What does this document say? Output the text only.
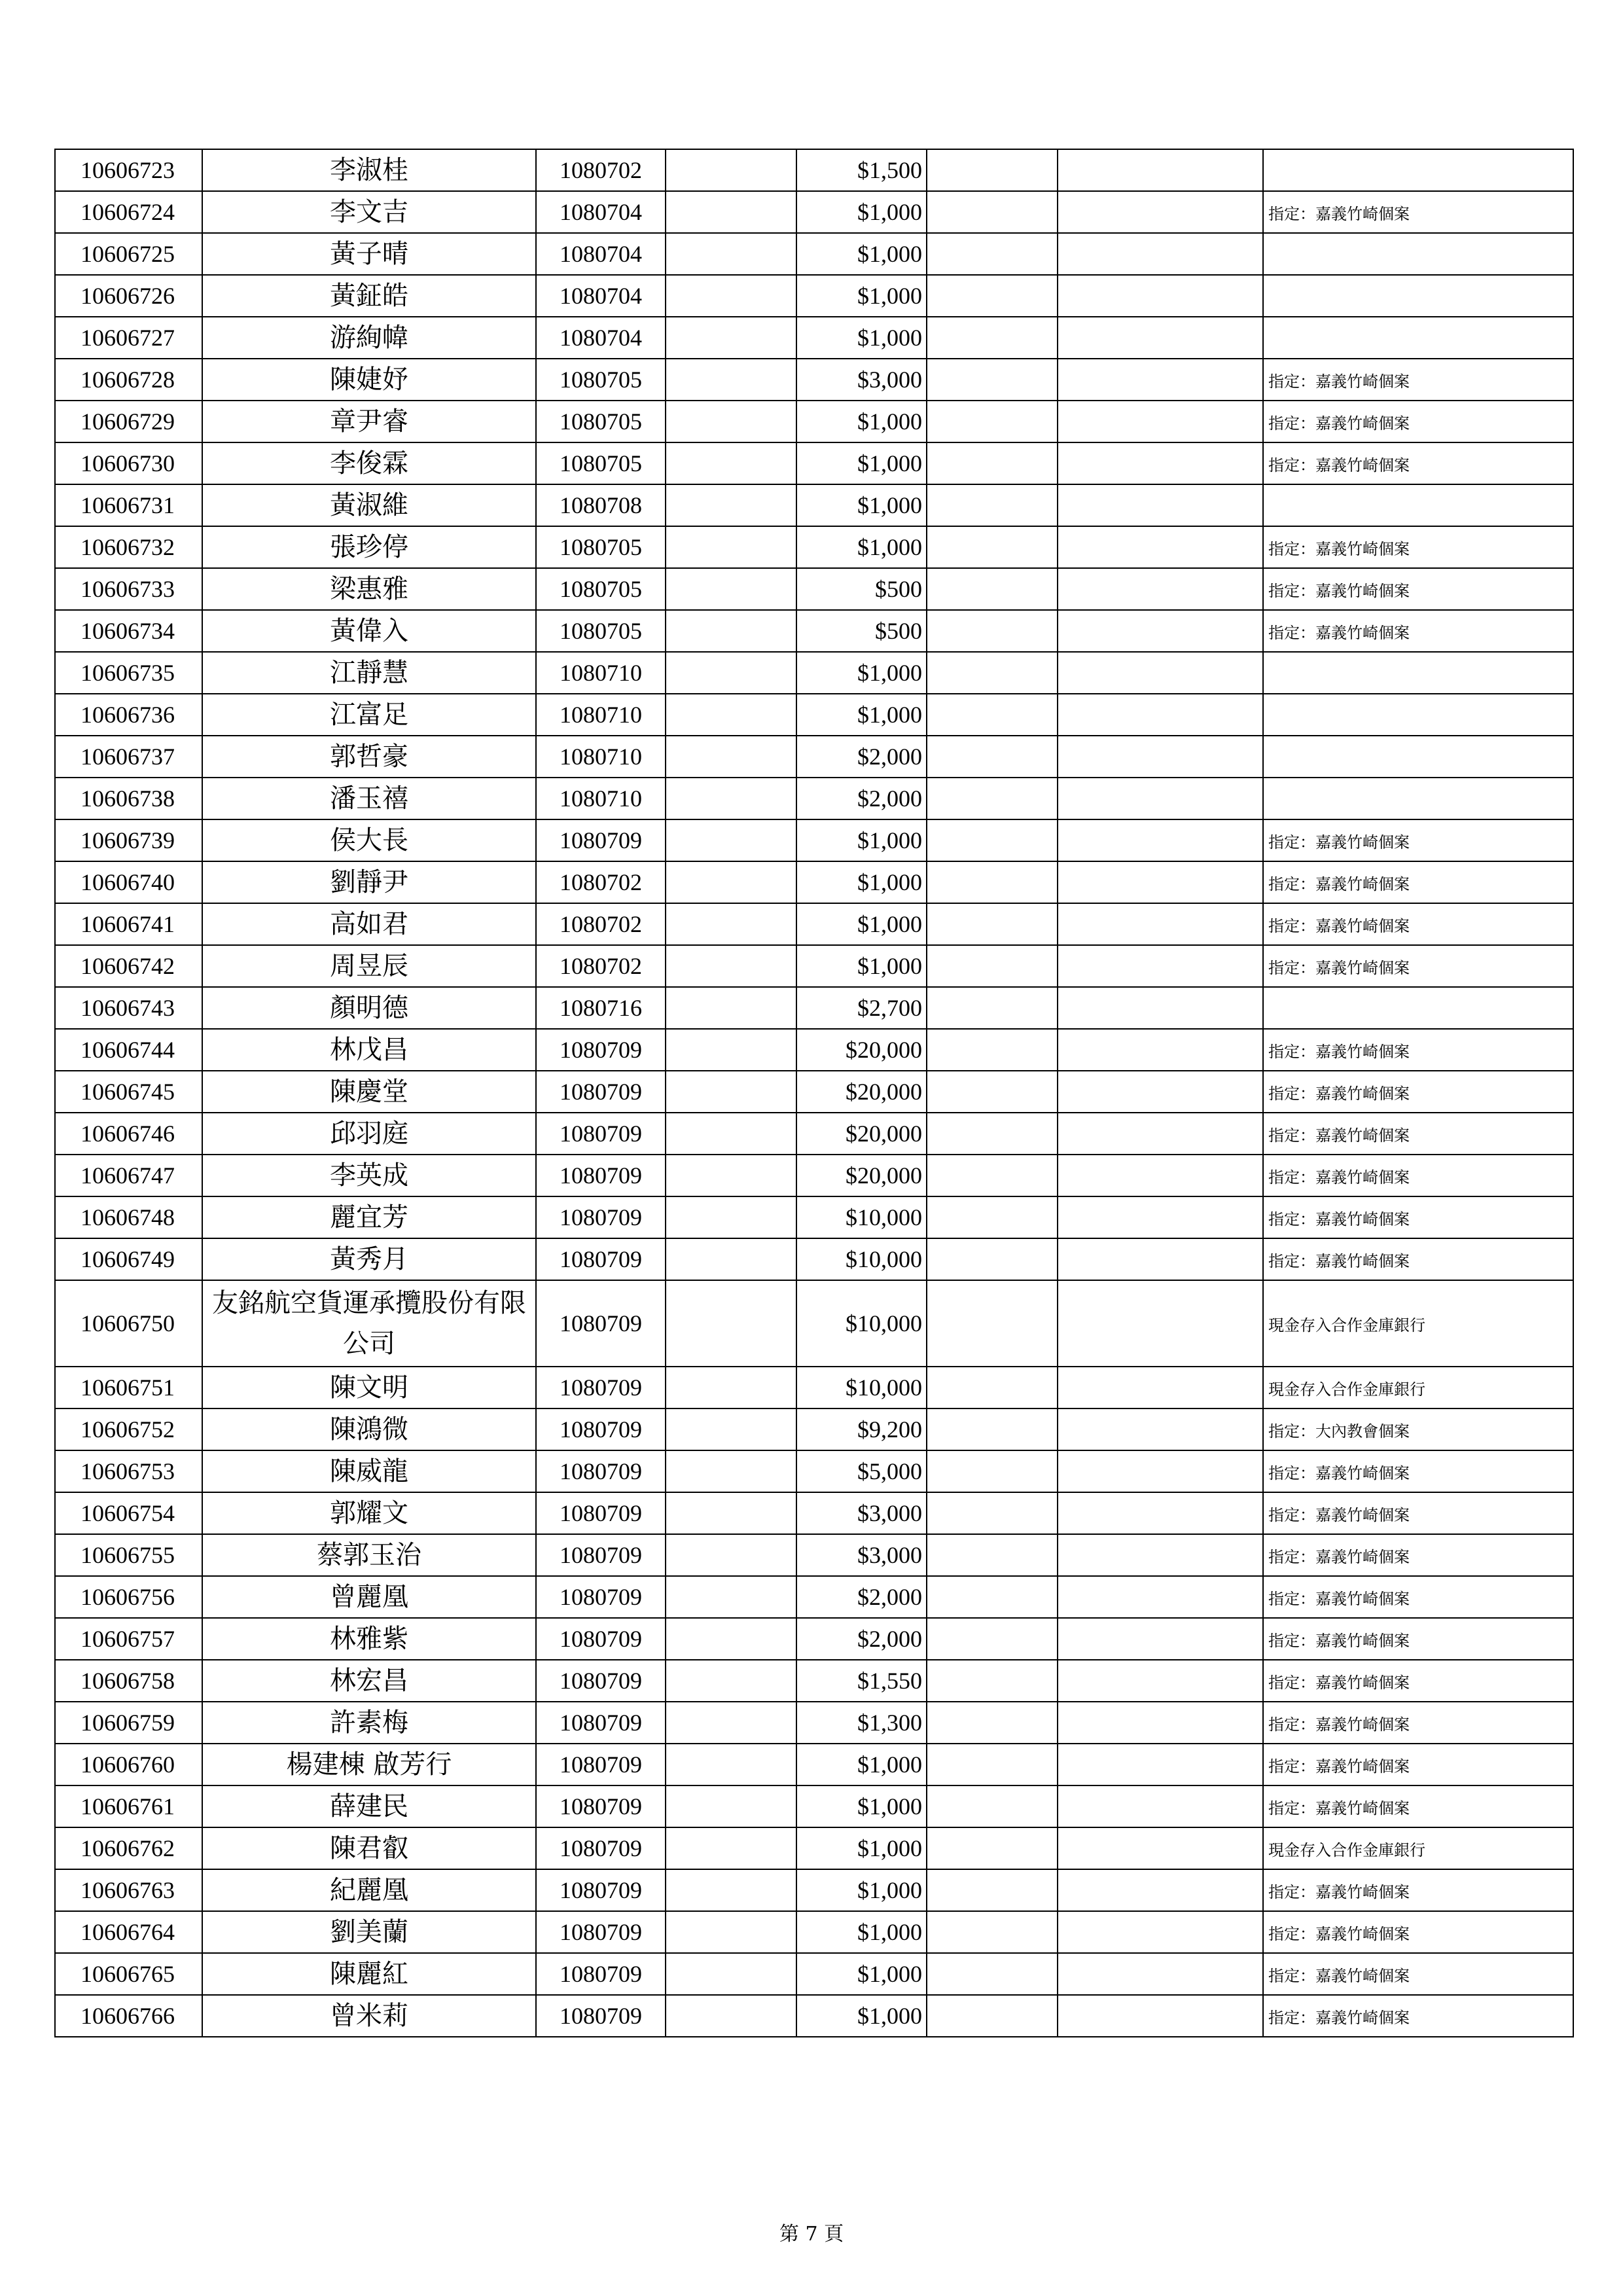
10606723	李淑桂	1080702		$1,500			
10606724	李文吉	1080704		$1,000			指定：嘉義竹崎個案
10606725	黃子晴	1080704		$1,000			
10606726	黃鉦皓	1080704		$1,000			
10606727	游絢幃	1080704		$1,000			
10606728	陳婕妤	1080705		$3,000			指定：嘉義竹崎個案
10606729	章尹睿	1080705		$1,000			指定：嘉義竹崎個案
10606730	李俊霖	1080705		$1,000			指定：嘉義竹崎個案
10606731	黃淑維	1080708		$1,000			
10606732	張珍停	1080705		$1,000			指定：嘉義竹崎個案
10606733	梁惠雅	1080705		$500			指定：嘉義竹崎個案
10606734	黃偉入	1080705		$500			指定：嘉義竹崎個案
10606735	江靜慧	1080710		$1,000			
10606736	江富足	1080710		$1,000			
10606737	郭哲豪	1080710		$2,000			
10606738	潘玉禧	1080710		$2,000			
10606739	侯大長	1080709		$1,000			指定：嘉義竹崎個案
10606740	劉靜尹	1080702		$1,000			指定：嘉義竹崎個案
10606741	高如君	1080702		$1,000			指定：嘉義竹崎個案
10606742	周昱辰	1080702		$1,000			指定：嘉義竹崎個案
10606743	顏明德	1080716		$2,700			
10606744	林戊昌	1080709		$20,000			指定：嘉義竹崎個案
10606745	陳慶堂	1080709		$20,000			指定：嘉義竹崎個案
10606746	邱羽庭	1080709		$20,000			指定：嘉義竹崎個案
10606747	李英成	1080709		$20,000			指定：嘉義竹崎個案
10606748	麗宜芳	1080709		$10,000			指定：嘉義竹崎個案
10606749	黃秀月	1080709		$10,000			指定：嘉義竹崎個案
10606750	友銘航空貨運承攬股份有限公司	1080709		$10,000			現金存入合作金庫銀行
10606751	陳文明	1080709		$10,000			現金存入合作金庫銀行
10606752	陳鴻微	1080709		$9,200			指定：大內教會個案
10606753	陳威龍	1080709		$5,000			指定：嘉義竹崎個案
10606754	郭耀文	1080709		$3,000			指定：嘉義竹崎個案
10606755	蔡郭玉治	1080709		$3,000			指定：嘉義竹崎個案
10606756	曾麗凰	1080709		$2,000			指定：嘉義竹崎個案
10606757	林雅紫	1080709		$2,000			指定：嘉義竹崎個案
10606758	林宏昌	1080709		$1,550			指定：嘉義竹崎個案
10606759	許素梅	1080709		$1,300			指定：嘉義竹崎個案
10606760	楊建棟 啟芳行	1080709		$1,000			指定：嘉義竹崎個案
10606761	薛建民	1080709		$1,000			指定：嘉義竹崎個案
10606762	陳君叡	1080709		$1,000			現金存入合作金庫銀行
10606763	紀麗凰	1080709		$1,000			指定：嘉義竹崎個案
10606764	劉美蘭	1080709		$1,000			指定：嘉義竹崎個案
10606765	陳麗紅	1080709		$1,000			指定：嘉義竹崎個案
10606766	曾米莉	1080709		$1,000			指定：嘉義竹崎個案
第 7 頁
